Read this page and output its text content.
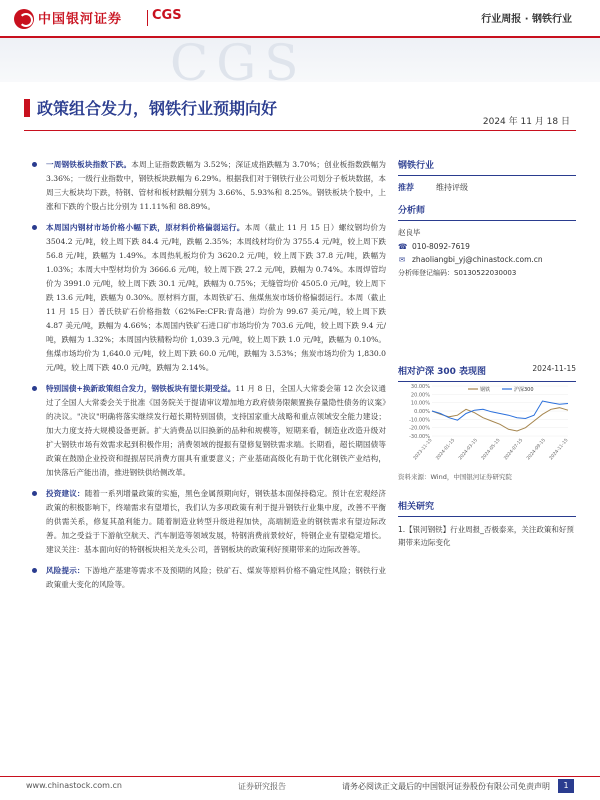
中国银河证券 CGS	行业周报 · 钢铁行业
CGS
政策组合发力，钢铁行业预期向好
2024 年 11 月 18 日
一周钢铁板块指数下跌。本周上证指数跌幅为 3.52%；深证成指跌幅为 3.70%；创业板指数跌幅为 3.36%；一级行业指数中，钢铁板块跌幅为 6.29%。根据我们对于钢铁行业公司划分子板块数据，本周三大板块均下跌，特钢、管材和板材跌幅分别为 3.66%、5.93%和 8.25%。钢铁板块个股中，上涨和下跌的个股占比分别为 11.11%和 88.89%。
本周国内钢材市场价格小幅下跌，原材料价格偏弱运行。本周（截止 11 月 15 日）螺纹钢均价为 3504.2 元/吨，较上周下跌 84.4 元/吨，跌幅 2.35%；本周线材均价为 3755.4 元/吨，较上周下跌 56.8 元/吨，跌幅为 1.49%。本周热轧板均价为 3620.2 元/吨，较上周下跌 37.8 元/吨，跌幅为 1.03%；本周大中型材均价为 3666.6 元/吨，较上周下跌 27.2 元/吨，跌幅为 0.74%。本周焊管均价为 3991.0 元/吨，较上周下跌 30.1 元/吨，跌幅为 0.75%；无缝管均价 4505.0 元/吨，较上周下跌 13.6 元/吨，跌幅为 0.30%。原材料方面，本周铁矿石、焦煤焦炭市场价格偏弱运行。本周（截止 11 月 15 日）普氏铁矿石价格指数（62%Fe:CFR:青岛港）均价为 99.67 美元/吨，较上周下跌 4.87 美元/吨，跌幅为 4.66%；本周国内铁矿石进口矿市场均价为 703.6 元/吨，较上周下跌 9.4 元/吨，跌幅为 1.32%；本周国内铁精粉均价 1,039.3 元/吨，较上周下跌 1.0 元/吨，跌幅为 0.10%。焦煤市场均价为 1,640.0 元/吨，较上周下跌 60.0 元/吨，跌幅为 3.53%；焦炭市场均价为 1,830.0 元/吨，较上周下跌 40.0 元/吨，跌幅为 2.14%。
特别国债+换新政策组合发力，钢铁板块有望长期受益。11 月 8 日，全国人大常委会第 12 次会议通过了全国人大常委会关于批准《国务院关于提请审议增加地方政府债务限额置换存量隐性债务的议案》的决议。"决议"明确将落实继续发行超长期特别国债，支持国家重大战略和重点领域安全能力建设；加大力度支持大规模设备更新。扩大消费品以旧换新的品种和规模等，短期来看，制造业改造升级对扩大钢铁市场有效需求起到积极作用；消费领域的提振有望修复钢铁需求端。长期看，超长期国债等政策在鼓励企业投资和提振居民消费方面具有重要意义；产业基础高级化有助于优化钢铁产业结构，加快落后产能出清，推进钢铁供给侧改革。
投资建议：随着一系列增量政策的实施，黑色金属预期向好，钢铁基本面保持稳定。预计在宏观经济政策的积极影响下，终端需求有望增长，我们认为多项政策有利于提升钢铁行业集中度，改善不平衡的供需关系，修复其盈利能力。随着制造业转型升级进程加快，高端制造业的钢铁需求有望边际改善。加之受益于下游航空航天、汽车制造等领域发展，特钢消费前景较好，特钢企业有望稳定增长。建议关注：基本面向好的特钢板块相关龙头公司，普钢板块的政策利好预期带来的边际改善等。
风险提示：下游地产基建等需求不及预期的风险；铁矿石、煤炭等原料价格不确定性风险；钢铁行业政策重大变化的风险等。
钢铁行业
推荐	维持评级
分析师
赵良毕
☎ 010-8092-7619
✉ zhaoliangbi_yj@chinastock.com.cn
分析师登记编码：S0130522030003
相对沪深 300 表现图	2024-11-15
30.00%
20.00%
10.00%
0.00%
-10.00%
-20.00%
-30.00%
2023-11-15 2024-01-15 2024-03-15 2024-05-15 2024-07-15 2024-09-15 2024-11-15
钢铁	沪深300
资料来源：Wind，中国银河证券研究院
相关研究
1.【银河钢铁】行业周报_否极泰来，关注政策和好预期带来边际变化
www.chinastock.com.cn	证券研究报告	请务必阅读正文最后的中国银河证券股份有限公司免责声明	1
